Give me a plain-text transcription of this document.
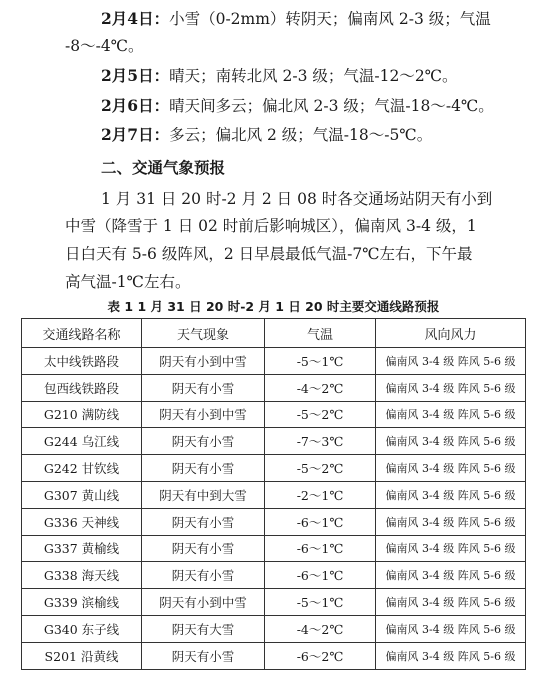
2月4日：小雪（0-2mm）转阴天；偏南风 2-3 级；气温
-8～-4℃。
2月5日：晴天；南转北风 2-3 级；气温-12～2℃。
2月6日：晴天间多云；偏北风 2-3 级；气温-18～-4℃。
2月7日：多云；偏北风 2 级；气温-18～-5℃。
二、交通气象预报
1 月 31 日 20 时-2 月 2 日 08 时各交通场站阴天有小到
中雪（降雪于 1 日 02 时前后影响城区），偏南风 3-4 级，1
日白天有 5-6 级阵风，2 日早晨最低气温-7℃左右，下午最
高气温-1℃左右。
表 1 1 月 31 日 20 时-2 月 1 日 20 时主要交通线路预报
交通线路名称	天气现象	气温	风向风力
太中线铁路段	阴天有小到中雪	-5～1℃	偏南风 3-4 级 阵风 5-6 级
包西线铁路段	阴天有小雪	-4～2℃	偏南风 3-4 级 阵风 5-6 级
G210 满防线	阴天有小到中雪	-5～2℃	偏南风 3-4 级 阵风 5-6 级
G244 乌江线	阴天有小雪	-7～3℃	偏南风 3-4 级 阵风 5-6 级
G242 甘钦线	阴天有小雪	-5～2℃	偏南风 3-4 级 阵风 5-6 级
G307 黄山线	阴天有中到大雪	-2～1℃	偏南风 3-4 级 阵风 5-6 级
G336 天神线	阴天有小雪	-6～1℃	偏南风 3-4 级 阵风 5-6 级
G337 黄榆线	阴天有小雪	-6～1℃	偏南风 3-4 级 阵风 5-6 级
G338 海天线	阴天有小雪	-6～1℃	偏南风 3-4 级 阵风 5-6 级
G339 滨榆线	阴天有小到中雪	-5～1℃	偏南风 3-4 级 阵风 5-6 级
G340 东子线	阴天有大雪	-4～2℃	偏南风 3-4 级 阵风 5-6 级
S201 沿黄线	阴天有小雪	-6～2℃	偏南风 3-4 级 阵风 5-6 级
